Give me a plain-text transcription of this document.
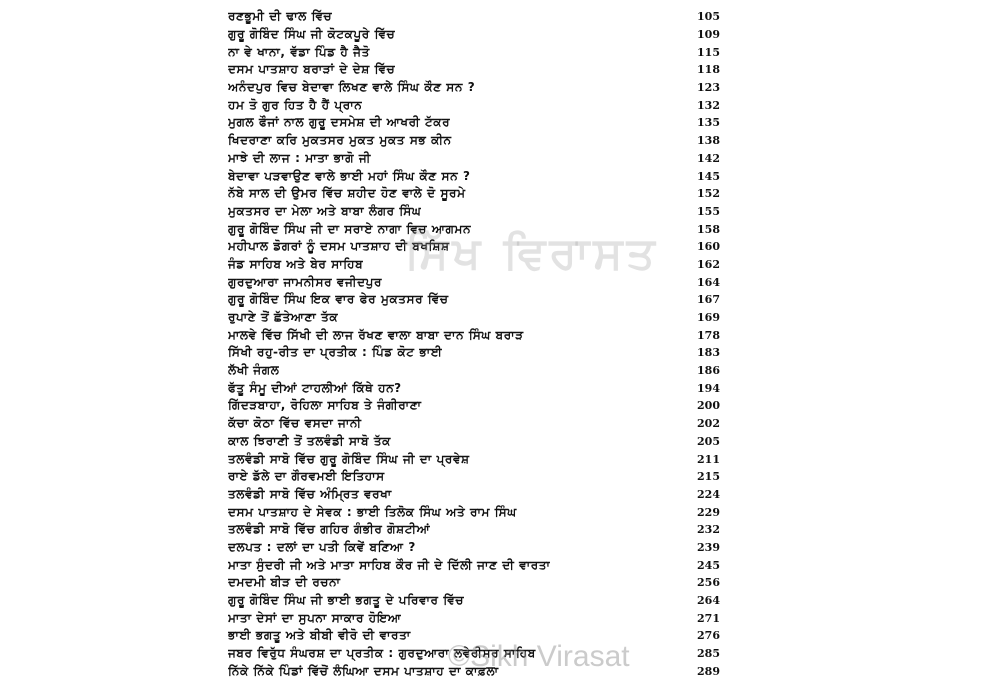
ਰਣਭੂਮੀ ਦੀ ਢਾਲ ਵਿੱਚ	105
ਗੁਰੂ ਗੋਬਿੰਦ ਸਿੰਘ ਜੀ ਕੋਟਕਪੂਰੇ ਵਿੱਚ	109
ਨਾ ਵੇ ਖਾਨਾ, ਵੱਡਾ ਪਿੰਡ ਹੈ ਜੈਤੋ	115
ਦਸਮ ਪਾਤਸ਼ਾਹ ਬਰਾੜਾਂ ਦੇ ਦੇਸ਼ ਵਿੱਚ	118
ਅਨੰਦਪੁਰ ਵਿਚ ਬੇਦਾਵਾ ਲਿਖਣ ਵਾਲੇ ਸਿੰਘ ਕੌਣ ਸਨ ?	123
ਹਮ ਤੋ ਗੁਰ ਹਿਤ ਹੈ ਹੈਂ ਪ੍ਰਾਨ	132
ਮੁਗਲ ਫੌਜਾਂ ਨਾਲ ਗੁਰੂ ਦਸਮੇਸ਼ ਦੀ ਆਖਰੀ ਟੱਕਰ	135
ਖਿਦਰਾਣਾ ਕਰਿ ਮੁਕਤਸਰ ਮੁਕਤ ਮੁਕਤ ਸਭ ਕੀਨ	138
ਮਾਝੇ ਦੀ ਲਾਜ : ਮਾਤਾ ਭਾਗੋ ਜੀ	142
ਬੇਦਾਵਾ ਪੜਵਾਉਣ ਵਾਲੇ ਭਾਈ ਮਹਾਂ ਸਿੰਘ ਕੌਣ ਸਨ ?	145
ਨੱਬੇ ਸਾਲ ਦੀ ਉਮਰ ਵਿੱਚ ਸ਼ਹੀਦ ਹੋਣ ਵਾਲੇ ਦੋ ਸੂਰਮੇ	152
ਮੁਕਤਸਰ ਦਾ ਮੇਲਾ ਅਤੇ ਬਾਬਾ ਲੰਗਰ ਸਿੰਘ	155
ਗੁਰੂ ਗੋਬਿੰਦ ਸਿੰਘ ਜੀ ਦਾ ਸਰਾਏ ਨਾਗਾ ਵਿਚ ਆਗਮਨ	158
ਮਹੀਪਾਲ ਡੋਗਰਾਂ ਨੂੰ ਦਸਮ ਪਾਤਸ਼ਾਹ ਦੀ ਬਖਸ਼ਿਸ਼	160
ਜੰਡ ਸਾਹਿਬ ਅਤੇ ਬੇਰ ਸਾਹਿਬ	162
ਗੁਰਦੁਆਰਾ ਜਾਮਨੀਸਰ ਵਜੀਦਪੁਰ	164
ਗੁਰੂ ਗੋਬਿੰਦ ਸਿੰਘ ਇਕ ਵਾਰ ਫੇਰ ਮੁਕਤਸਰ ਵਿੱਚ	167
ਰੁਪਾਣੇ ਤੋਂ ਛੱਤੇਆਣਾ ਤੱਕ	169
ਮਾਲਵੇ ਵਿੱਚ ਸਿੱਖੀ ਦੀ ਲਾਜ ਰੱਖਣ ਵਾਲਾ ਬਾਬਾ ਦਾਨ ਸਿੰਘ ਬਰਾੜ	178
ਸਿੱਖੀ ਰਹੁ-ਰੀਤ ਦਾ ਪ੍ਰਤੀਕ : ਪਿੰਡ ਕੋਟ ਭਾਈ	183
ਲੱਖੀ ਜੰਗਲ	186
ਫੱਤੂ ਸੰਮੂ ਦੀਆਂ ਟਾਹਲੀਆਂ ਕਿੱਥੇ ਹਨ?	194
ਗਿੱਦੜਬਾਹਾ, ਰੋਹਿਲਾ ਸਾਹਿਬ ਤੇ ਜੰਗੀਰਾਣਾ	200
ਕੱਚਾ ਕੋਠਾ ਵਿੱਚ ਵਸਦਾ ਜਾਨੀ	202
ਕਾਲ ਝਿਰਾਣੀ ਤੋਂ ਤਲਵੰਡੀ ਸਾਬੋ ਤੱਕ	205
ਤਲਵੰਡੀ ਸਾਬੋ ਵਿੱਚ ਗੁਰੂ ਗੋਬਿੰਦ ਸਿੰਘ ਜੀ ਦਾ ਪ੍ਰਵੇਸ਼	211
ਰਾਏ ਡੱਲੇ ਦਾ ਗੌਰਵਮਈ ਇਤਿਹਾਸ	215
ਤਲਵੰਡੀ ਸਾਬੋ ਵਿੱਚ ਅੰਮ੍ਰਿਤ ਵਰਖਾ	224
ਦਸਮ ਪਾਤਸ਼ਾਹ ਦੇ ਸੇਵਕ : ਭਾਈ ਤਿਲੋਕ ਸਿੰਘ ਅਤੇ ਰਾਮ ਸਿੰਘ	229
ਤਲਵੰਡੀ ਸਾਬੋ ਵਿੱਚ ਗਹਿਰ ਗੰਭੀਰ ਗੋਸ਼ਟੀਆਂ	232
ਦਲਪਤ : ਦਲਾਂ ਦਾ ਪਤੀ ਕਿਵੇਂ ਬਣਿਆ ?	239
ਮਾਤਾ ਸੁੰਦਰੀ ਜੀ ਅਤੇ ਮਾਤਾ ਸਾਹਿਬ ਕੌਰ ਜੀ ਦੇ ਦਿੱਲੀ ਜਾਣ ਦੀ ਵਾਰਤਾ	245
ਦਮਦਮੀ ਬੀੜ ਦੀ ਰਚਨਾ	256
ਗੁਰੂ ਗੋਬਿੰਦ ਸਿੰਘ ਜੀ ਭਾਈ ਭਗਤੂ ਦੇ ਪਰਿਵਾਰ ਵਿੱਚ	264
ਮਾਤਾ ਦੇਸਾਂ ਦਾ ਸੁਪਨਾ ਸਾਕਾਰ ਹੋਇਆ	271
ਭਾਈ ਭਗਤੂ ਅਤੇ ਬੀਬੀ ਵੀਰੋ ਦੀ ਵਾਰਤਾ	276
ਜਬਰ ਵਿਰੁੱਧ ਸੰਘਰਸ਼ ਦਾ ਪ੍ਰਤੀਕ : ਗੁਰਦੁਆਰਾ ਲਵੇਰੀਸਰ ਸਾਹਿਬ	285
ਨਿੱਕੇ ਨਿੱਕੇ ਪਿੰਡਾਂ ਵਿੱਚੋਂ ਲੰਘਿਆ ਦਸਮ ਪਾਤਸ਼ਾਹ ਦਾ ਕਾਫ਼ਲਾ	289
ਸਿੱਖ ਵਿਰਾਸਤ
©Sikh Virasat
